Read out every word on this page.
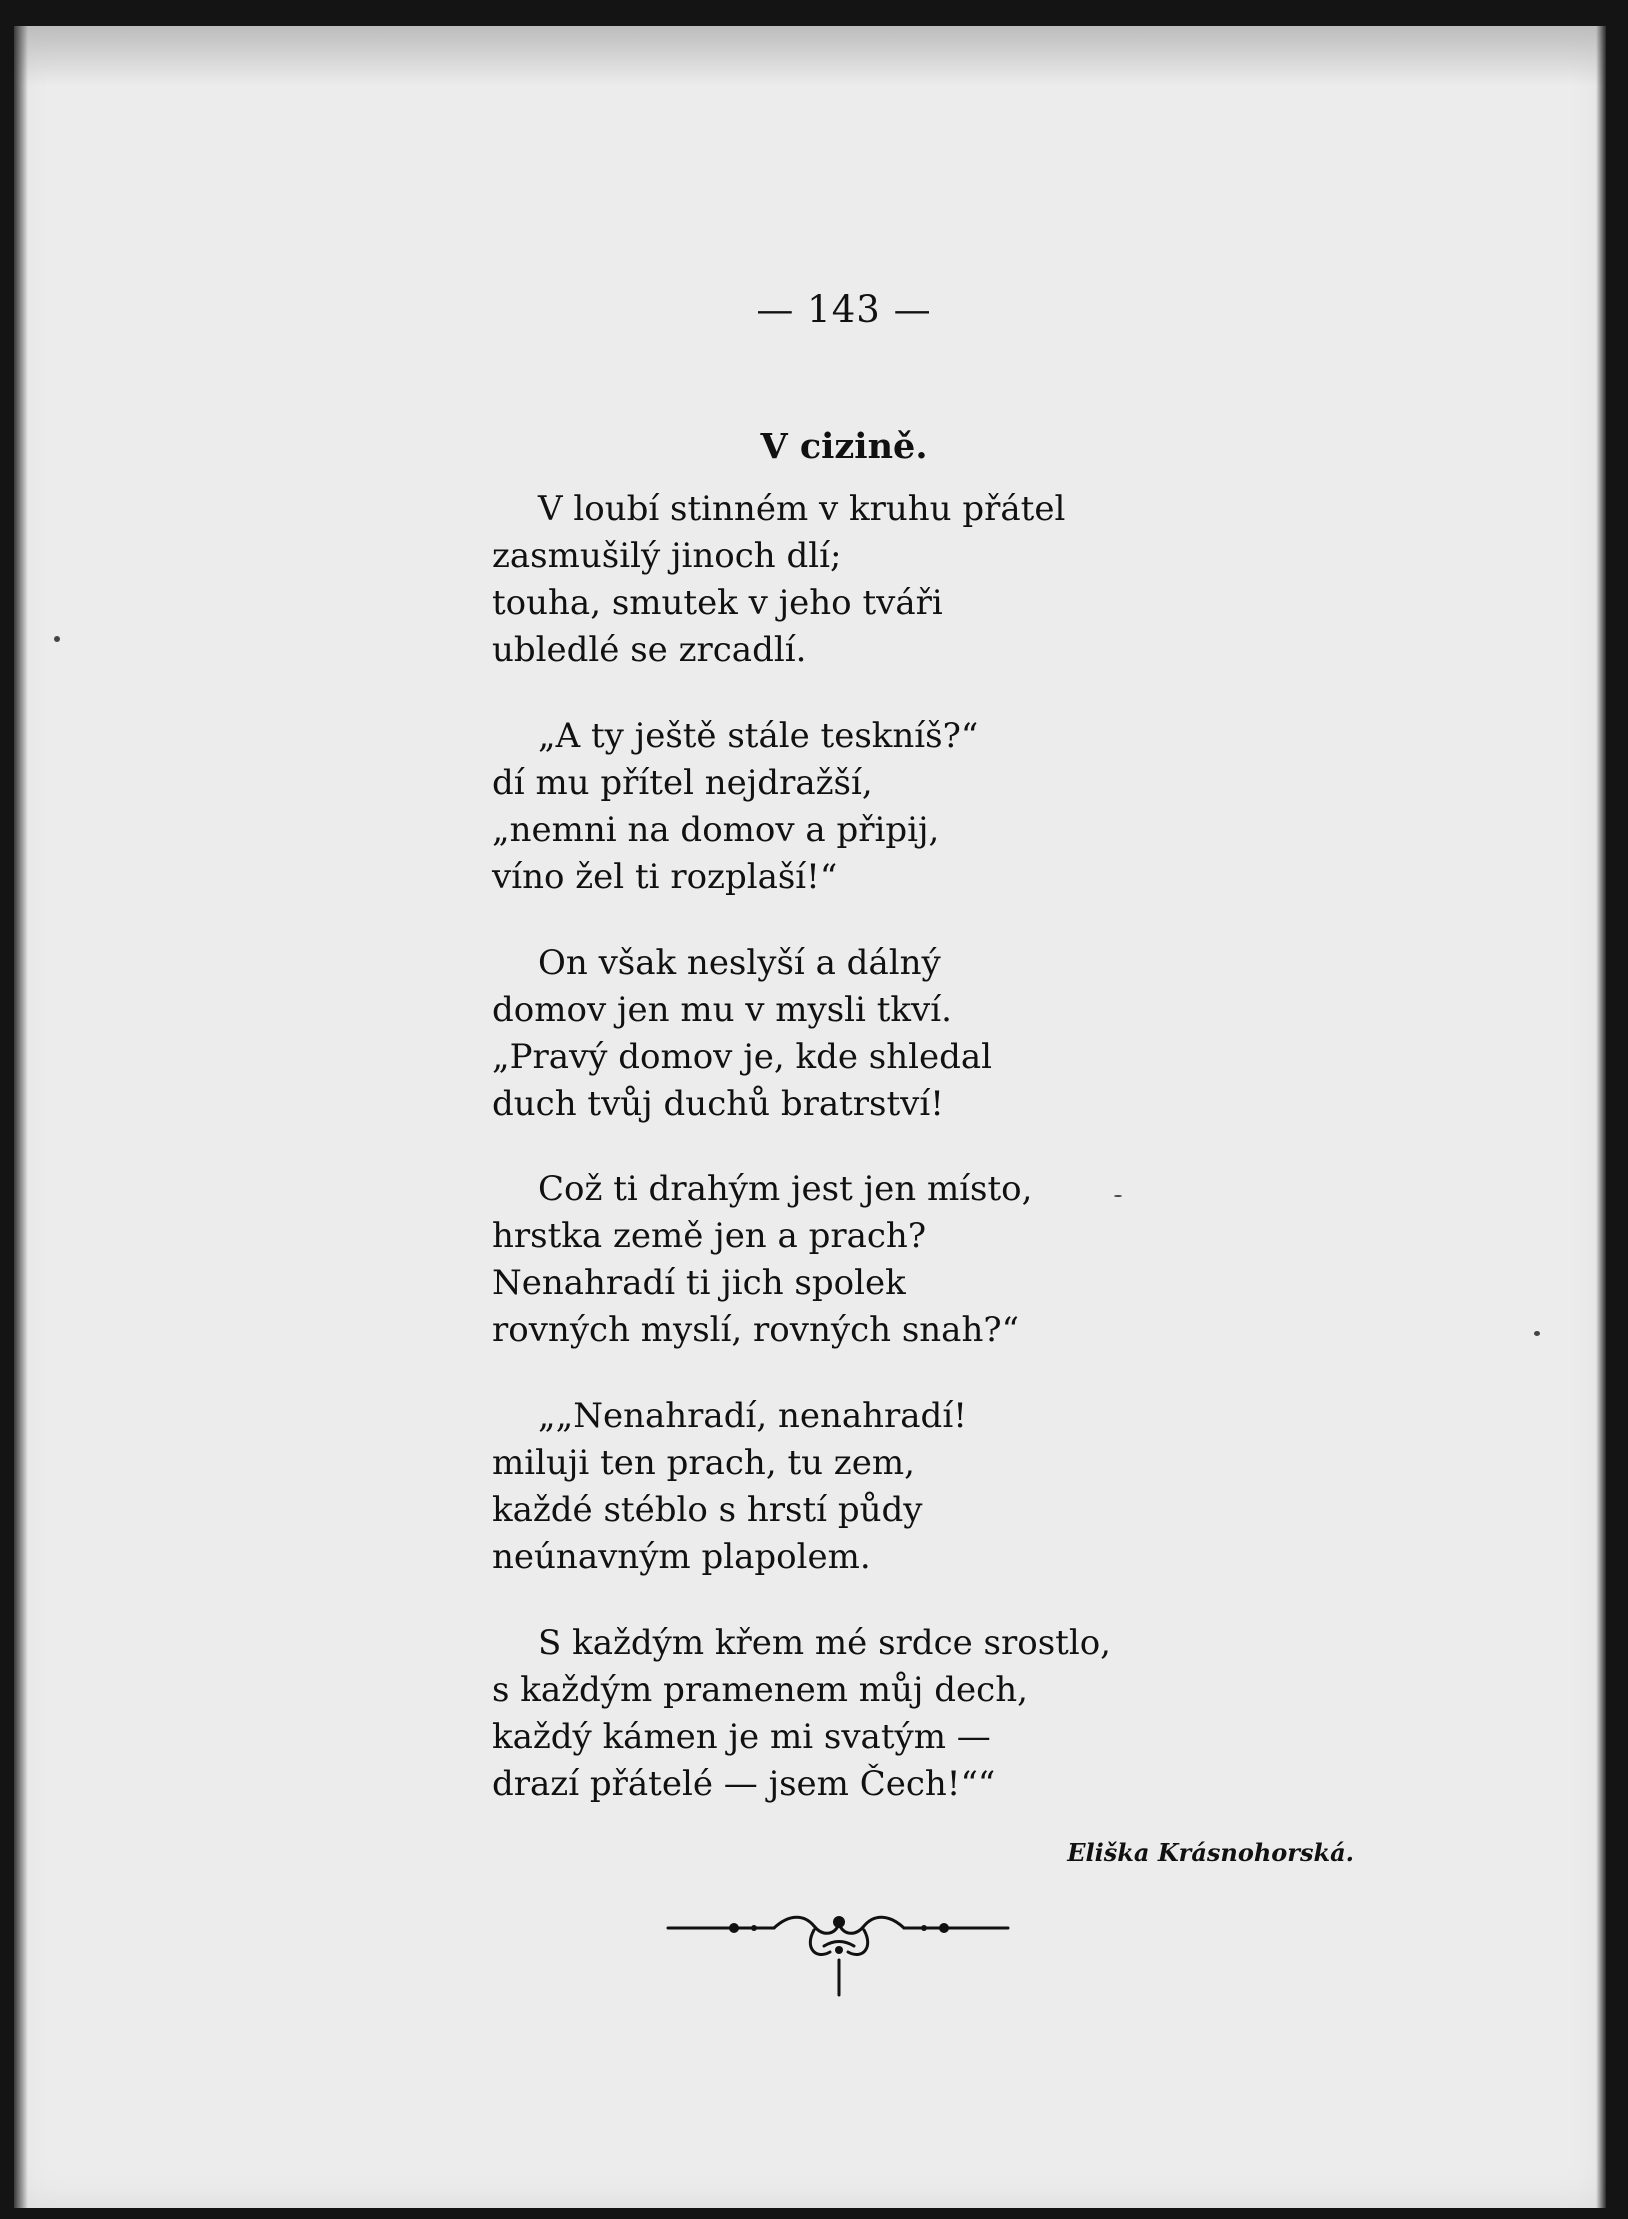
— 143 —
V cizině.
V loubí stinném v kruhu přátel
zasmušilý jinoch dlí;
touha, smutek v jeho tváři
ubledlé se zrcadlí.
„A ty ještě stále teskníš?“
dí mu přítel nejdražší,
„nemni na domov a připij,
víno žel ti rozplaší!“
On však neslyší a dálný
domov jen mu v mysli tkví.
„Pravý domov je, kde shledal
duch tvůj duchů bratrství!
Což ti drahým jest jen místo,
hrstka země jen a prach?
Nenahradí ti jich spolek
rovných myslí, rovných snah?“
„„Nenahradí, nenahradí!
miluji ten prach, tu zem,
každé stéblo s hrstí půdy
neúnavným plapolem.
S každým křem mé srdce srostlo,
s každým pramenem můj dech,
každý kámen je mi svatým —
drazí přátelé — jsem Čech!““
Eliška Krásnohorská.
